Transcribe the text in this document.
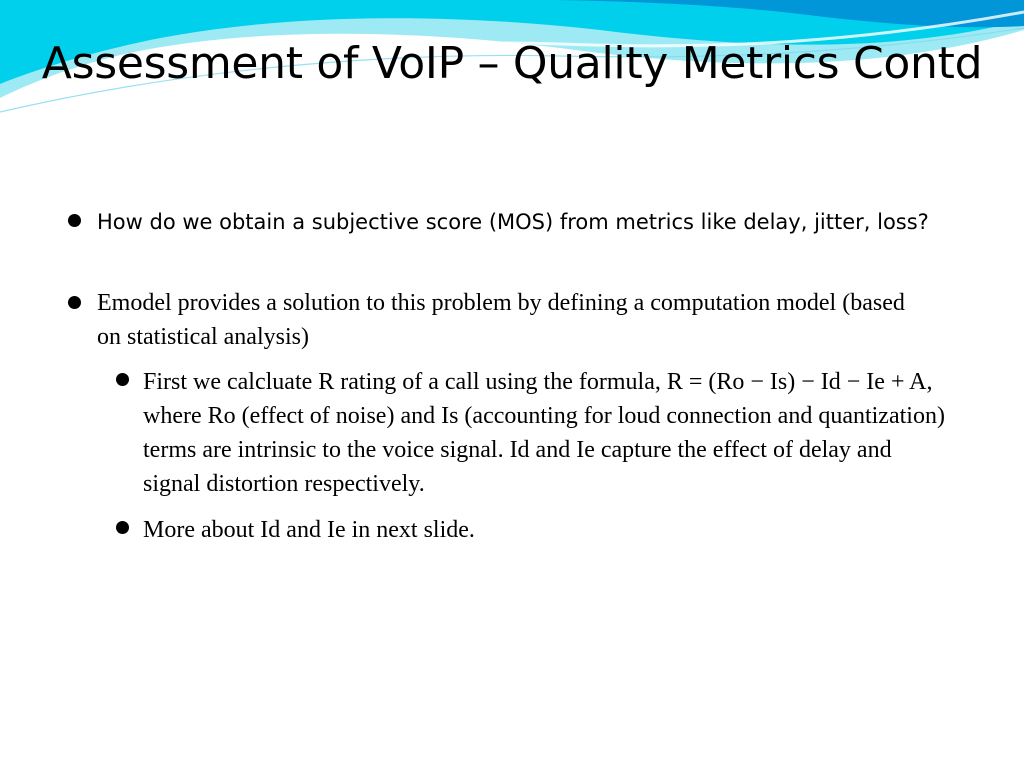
Assessment of VoIP – Quality Metrics Contd
How do we obtain a subjective score (MOS) from metrics like delay, jitter, loss?
Emodel provides a solution to this problem by defining a computation model (based on statistical analysis)
First we calcluate R rating of a call using the formula, R = (Ro − Is) − Id − Ie + A, where Ro (effect of noise) and Is (accounting for loud connection and quantization) terms are intrinsic to the voice signal. Id and Ie capture the effect of delay and signal distortion respectively.
More about Id and Ie in next slide.
